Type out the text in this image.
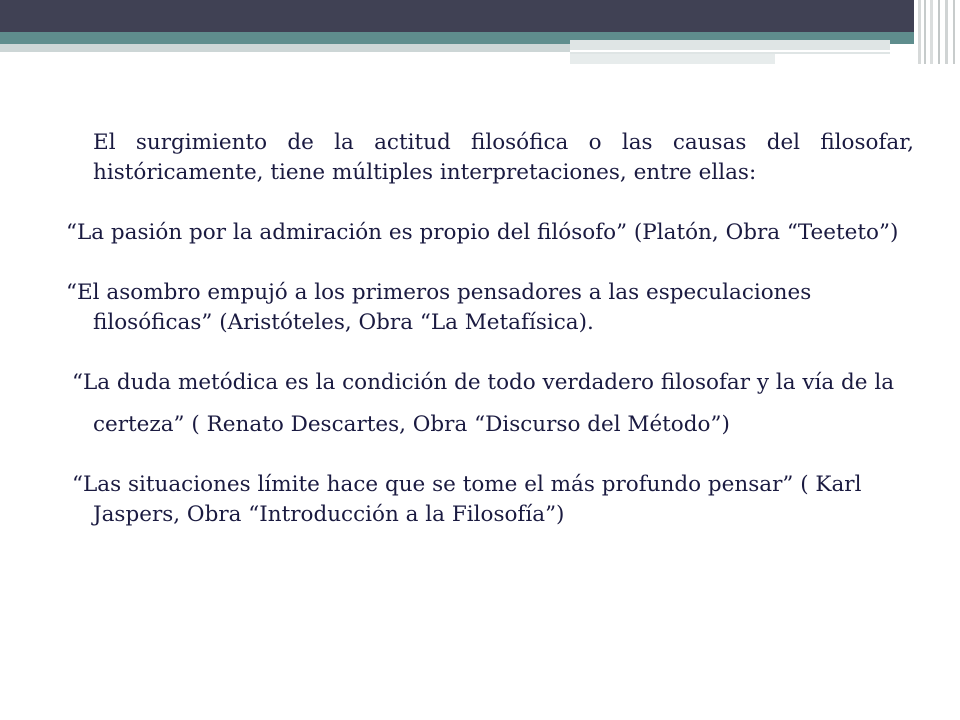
El surgimiento de la actitud filosófica o las causas del filosofar, históricamente, tiene múltiples interpretaciones, entre ellas:

“La pasión por la admiración es propio del filósofo” (Platón, Obra “Teeteto”)

“El asombro empujó a los primeros pensadores a las especulaciones filosóficas” (Aristóteles, Obra “La Metafísica).

“La duda metódica es la condición de todo verdadero filosofar y la vía de la

certeza” ( Renato Descartes, Obra “Discurso del Método”)

“Las situaciones límite hace que se tome el más profundo pensar” ( Karl Jaspers, Obra “Introducción a la Filosofía”)
